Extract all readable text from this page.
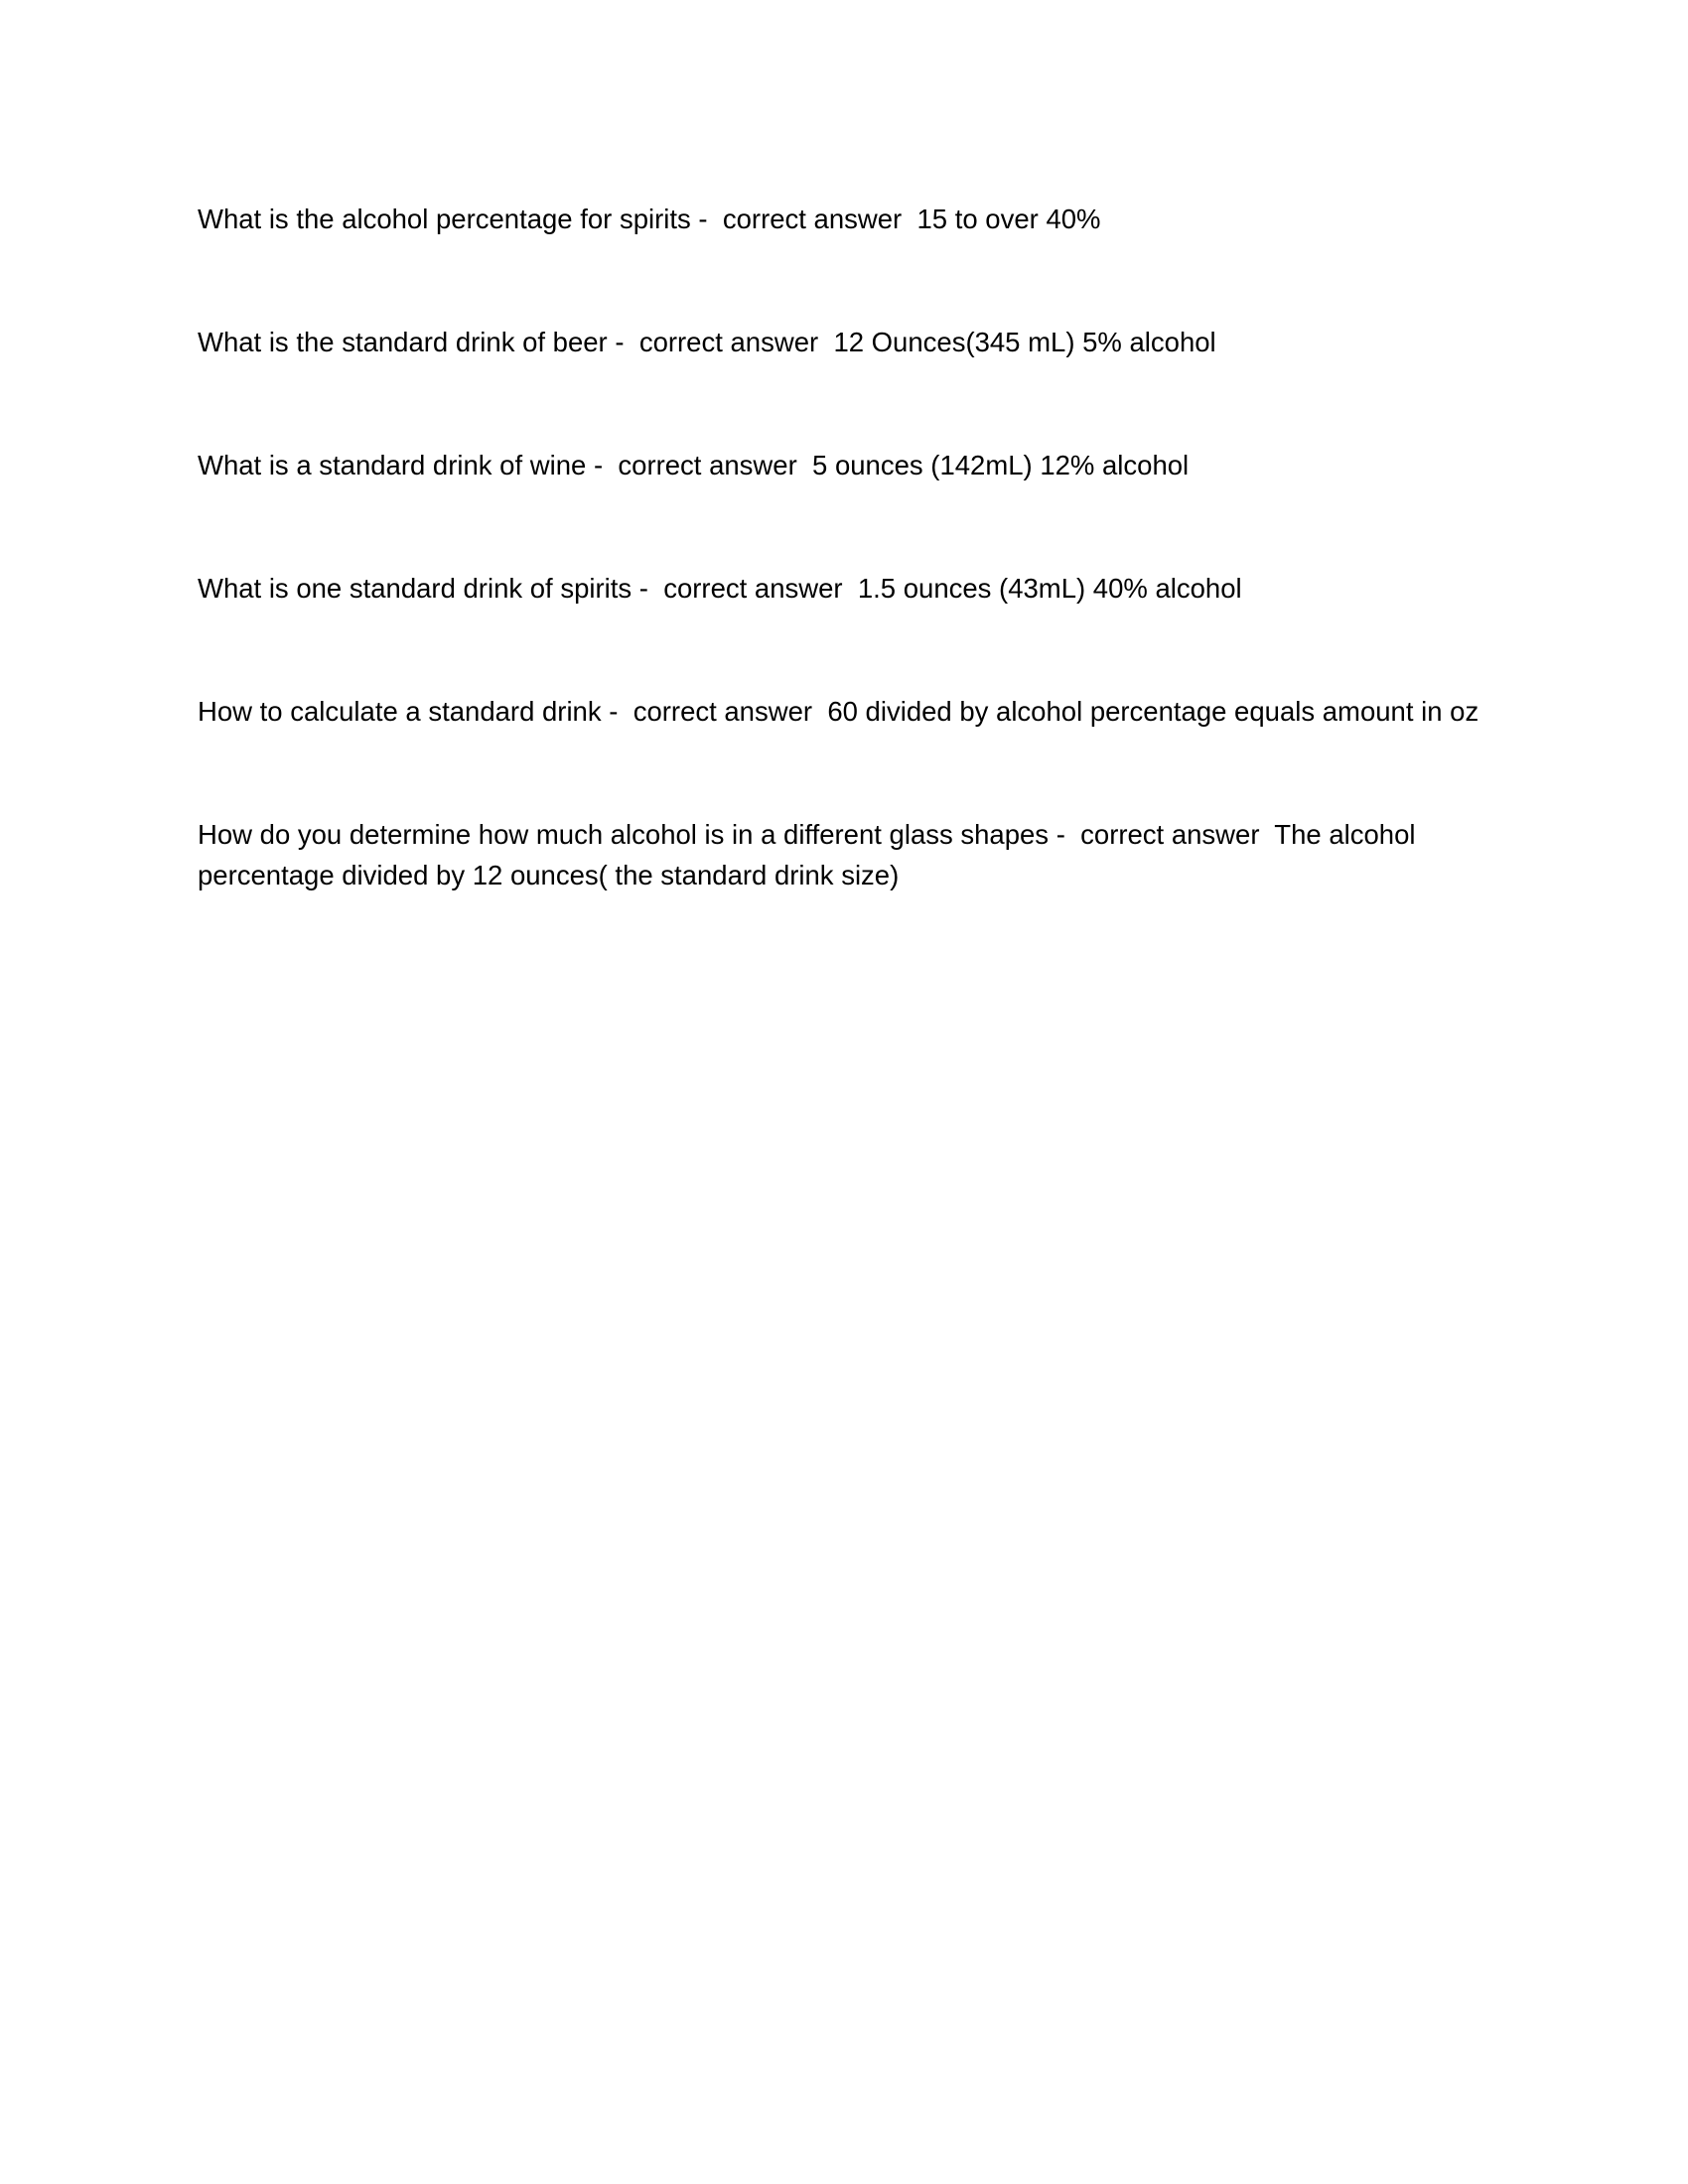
What is the alcohol percentage for spirits -  correct answer 15 to over 40%
What is the standard drink of beer -  correct answer 12 Ounces(345 mL) 5% alcohol
What is a standard drink of wine -  correct answer 5 ounces (142mL) 12% alcohol
What is one standard drink of spirits -  correct answer 1.5 ounces (43mL) 40% alcohol
How to calculate a standard drink -  correct answer 60 divided by alcohol percentage equals amount in oz
How do you determine how much alcohol is in a different glass shapes -  correct answer The alcohol percentage divided by 12 ounces( the standard drink size)
